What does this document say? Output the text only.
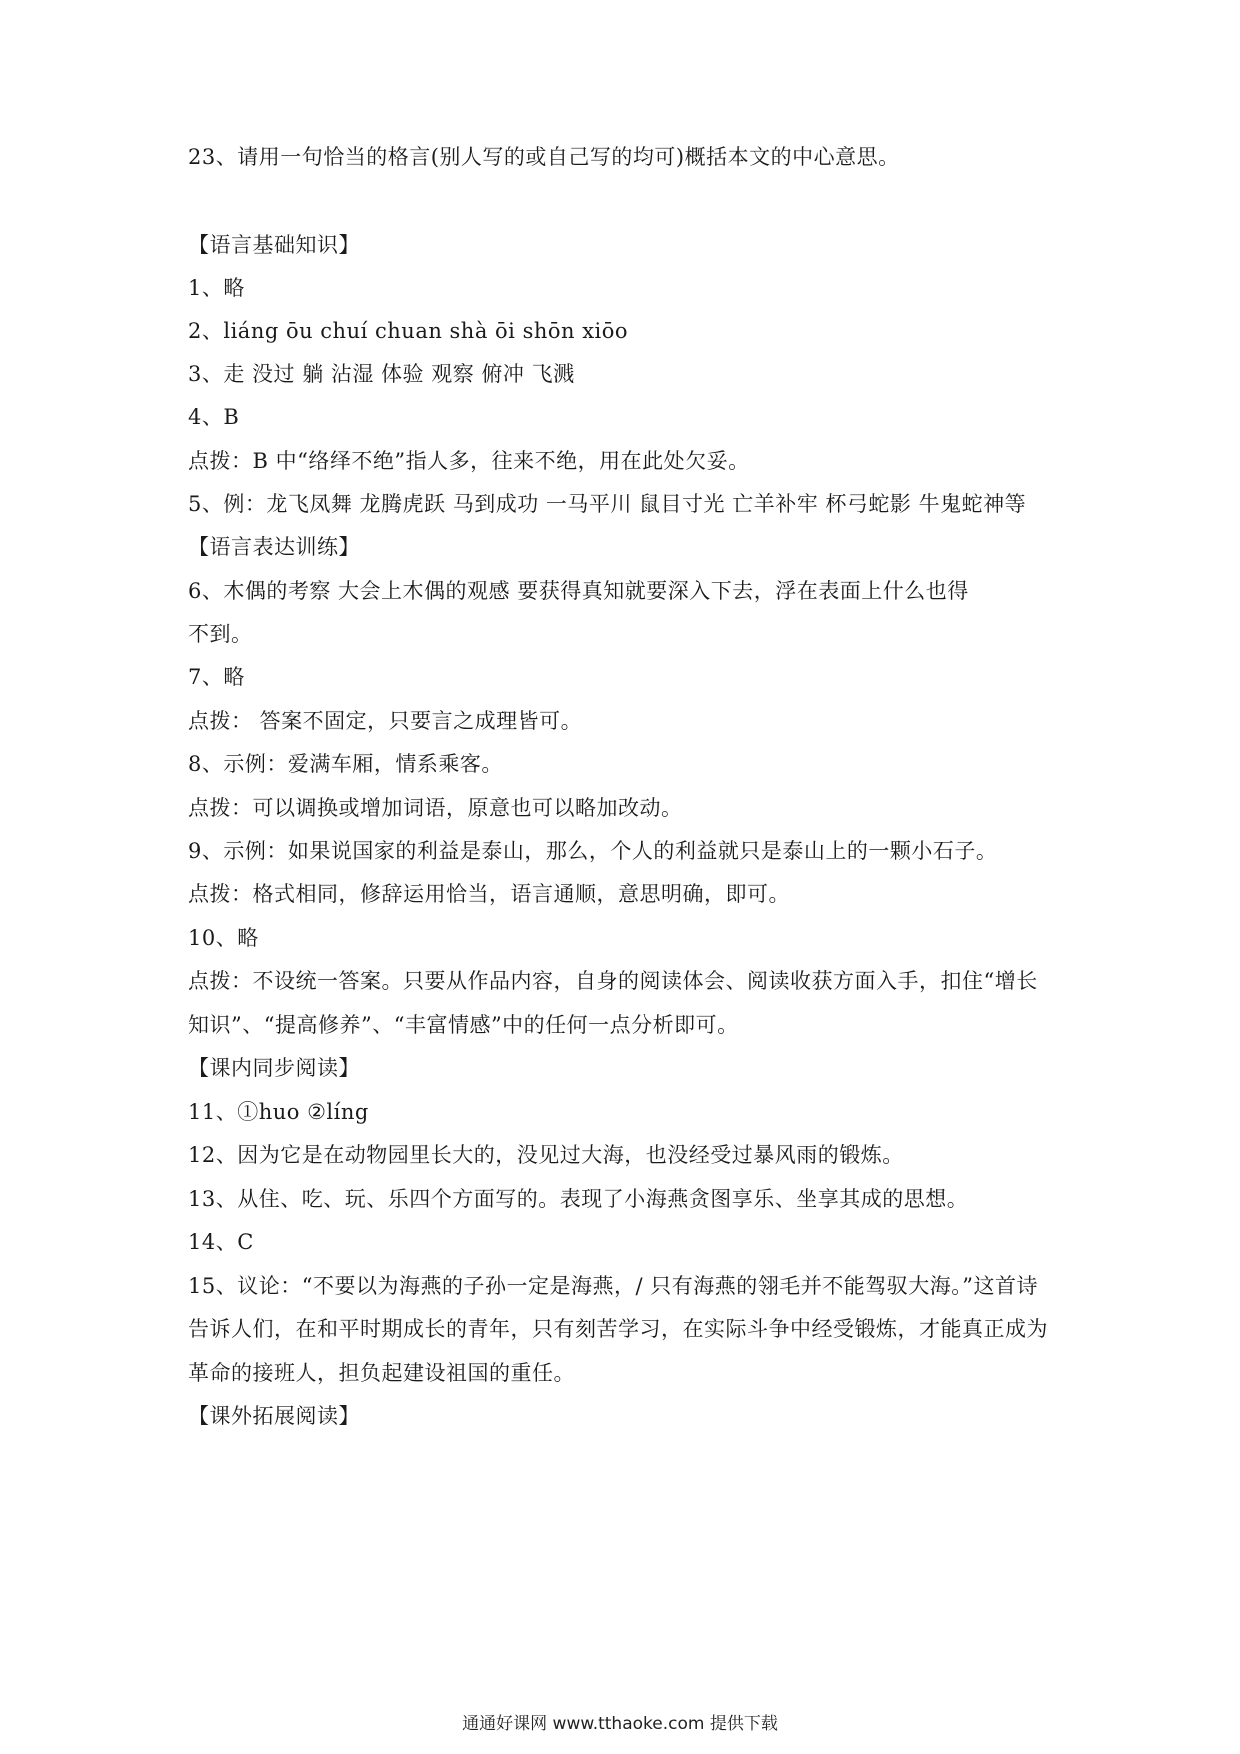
23、请用一句恰当的格言(别人写的或自己写的均可)概括本文的中心意思。
【语言基础知识】
1、略
2、liáng ōu chuí chuan shà ōi shōn xiōo
3、走 没过 躺 沾湿 体验 观察 俯冲 飞溅
4、B
点拨：B 中“络绎不绝”指人多，往来不绝，用在此处欠妥。
5、例：龙飞凤舞 龙腾虎跃 马到成功 一马平川 鼠目寸光 亡羊补牢 杯弓蛇影 牛鬼蛇神等
【语言表达训练】
6、木偶的考察 大会上木偶的观感 要获得真知就要深入下去，浮在表面上什么也得
不到。
7、略
点拨： 答案不固定，只要言之成理皆可。
8、示例：爱满车厢，情系乘客。
点拨：可以调换或增加词语，原意也可以略加改动。
9、示例：如果说国家的利益是泰山，那么，个人的利益就只是泰山上的一颗小石子。
点拨：格式相同，修辞运用恰当，语言通顺，意思明确，即可。
10、略
点拨：不设统一答案。只要从作品内容，自身的阅读体会、阅读收获方面入手，扣住“增长
知识”、“提高修养”、“丰富情感”中的任何一点分析即可。
【课内同步阅读】
11、①huo ②líng
12、因为它是在动物园里长大的，没见过大海，也没经受过暴风雨的锻炼。
13、从住、吃、玩、乐四个方面写的。表现了小海燕贪图享乐、坐享其成的思想。
14、C
15、议论：“不要以为海燕的子孙一定是海燕，/ 只有海燕的翎毛并不能驾驭大海。”这首诗
告诉人们，在和平时期成长的青年，只有刻苦学习，在实际斗争中经受锻炼，才能真正成为
革命的接班人，担负起建设祖国的重任。
【课外拓展阅读】
通通好课网 www.tthaoke.com 提供下载
